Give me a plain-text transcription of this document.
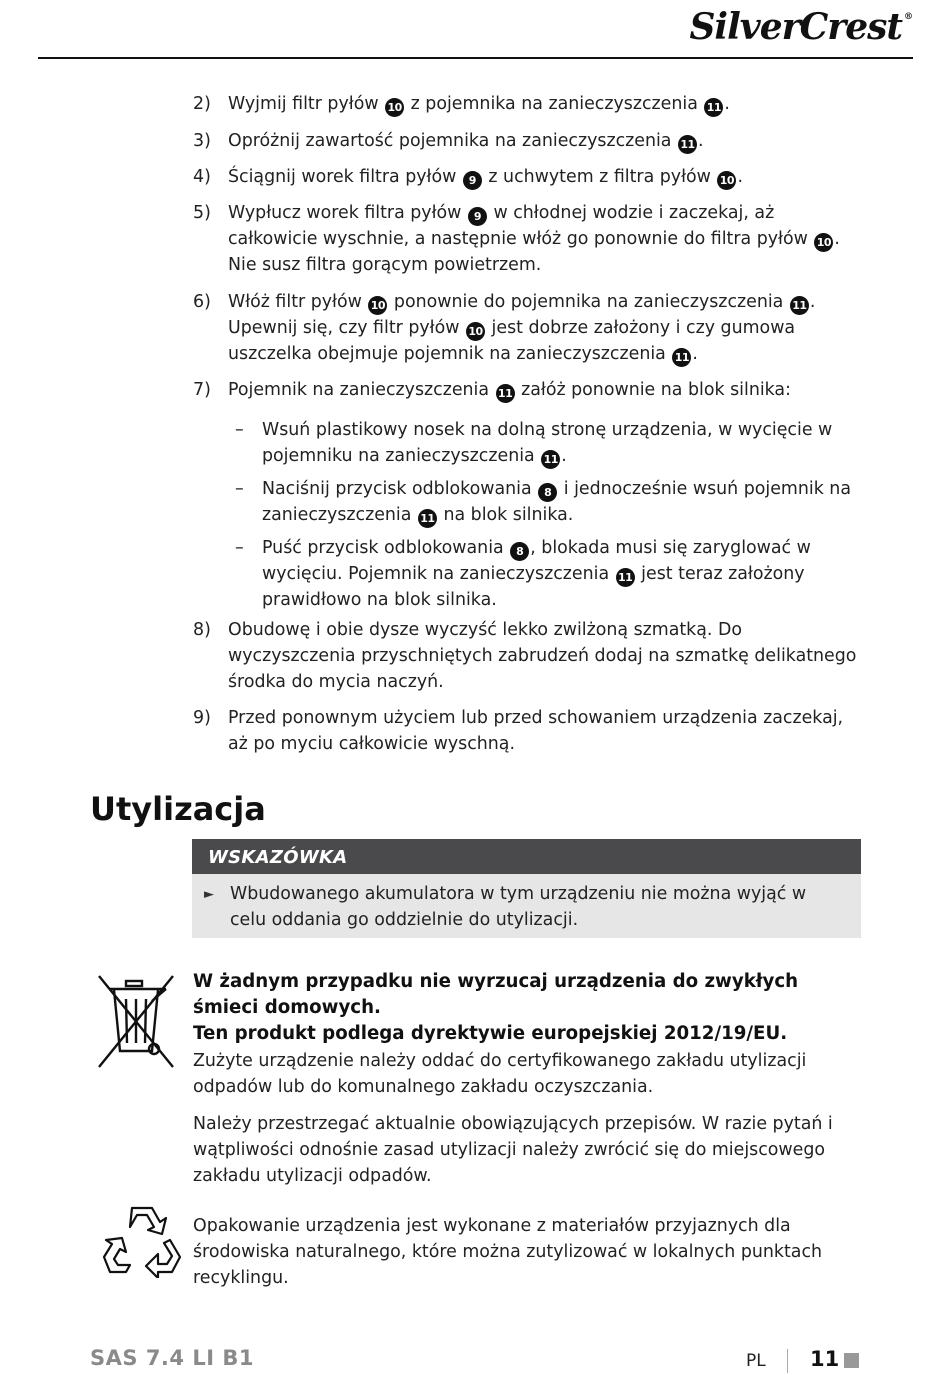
SilverCrest ®
2) Wyjmij filtr pyłów 10 z pojemnika na zanieczyszczenia 11 .
3) Opróżnij zawartość pojemnika na zanieczyszczenia 11 .
4) Ściągnij worek filtra pyłów 9 z uchwytem z filtra pyłów 10 .
5) Wypłucz worek filtra pyłów 9 w chłodnej wodzie i zaczekaj, aż całkowicie wyschnie, a następnie włóż go ponownie do filtra pyłów 10 . Nie susz filtra gorącym powietrzem.
6) Włóż filtr pyłów 10 ponownie do pojemnika na zanieczyszczenia 11 . Upewnij się, czy filtr pyłów 10 jest dobrze założony i czy gumowa uszczelka obejmuje pojemnik na zanieczyszczenia 11 .
7) Pojemnik na zanieczyszczenia 11 załóż ponownie na blok silnika:
– Wsuń plastikowy nosek na dolną stronę urządzenia, w wycięcie w pojemniku na zanieczyszczenia 11 .
– Naciśnij przycisk odblokowania 8 i jednocześnie wsuń pojemnik na zanieczyszczenia 11 na blok silnika.
– Puść przycisk odblokowania 8 , blokada musi się zaryglować w wycięciu. Pojemnik na zanieczyszczenia 11 jest teraz założony prawidłowo na blok silnika.
8) Obudowę i obie dysze wyczyść lekko zwilżoną szmatką. Do wyczyszczenia przyschniętych zabrudzeń dodaj na szmatkę delikatnego środka do mycia naczyń.
9) Przed ponownym użyciem lub przed schowaniem urządzenia zaczekaj, aż po myciu całkowicie wyschną.
Utylizacja
WSKAZÓWKA
► Wbudowanego akumulatora w tym urządzeniu nie można wyjąć w celu oddania go oddzielnie do utylizacji.
W żadnym przypadku nie wyrzucaj urządzenia do zwykłych śmieci domowych.
Ten produkt podlega dyrektywie europejskiej 2012/19/EU.
Zużyte urządzenie należy oddać do certyfikowanego zakładu utylizacji odpadów lub do komunalnego zakładu oczyszczania.
Należy przestrzegać aktualnie obowiązujących przepisów. W razie pytań i wątpliwości odnośnie zasad utylizacji należy zwrócić się do miejscowego zakładu utylizacji odpadów.
Opakowanie urządzenia jest wykonane z materiałów przyjaznych dla środowiska naturalnego, które można zutylizować w lokalnych punktach recyklingu.
SAS 7.4 LI B1	PL 11
